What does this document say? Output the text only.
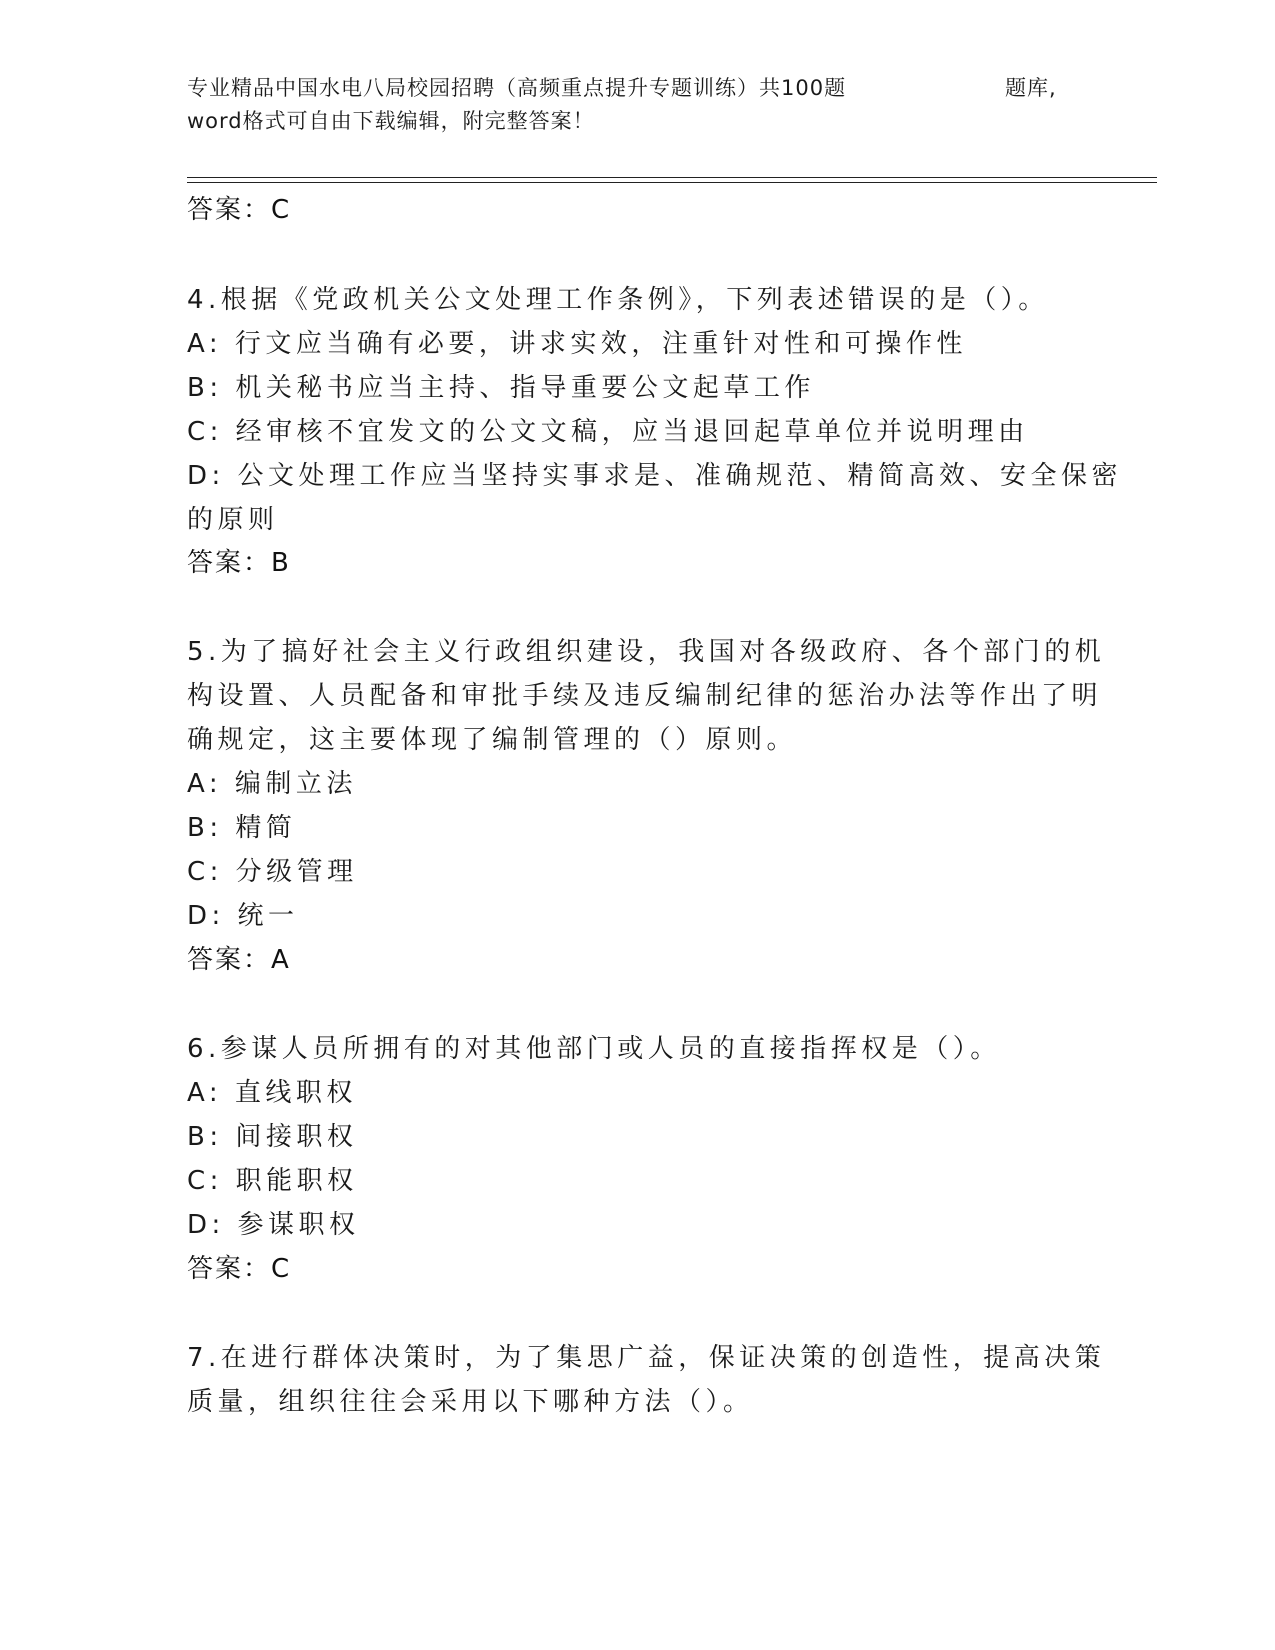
专业精品中国水电八局校园招聘（高频重点提升专题训练）共100题	题库,
word格式可自由下载编辑，附完整答案！
答案：C
4.根据《党政机关公文处理工作条例》，下列表述错误的是（）。
A: 行文应当确有必要，讲求实效，注重针对性和可操作性
B: 机关秘书应当主持、指导重要公文起草工作
C: 经审核不宜发文的公文文稿，应当退回起草单位并说明理由
D: 公文处理工作应当坚持实事求是、准确规范、精简高效、安全保密
的原则
答案：B
5.为了搞好社会主义行政组织建设，我国对各级政府、各个部门的机
构设置、人员配备和审批手续及违反编制纪律的惩治办法等作出了明
确规定，这主要体现了编制管理的（）原则。
A: 编制立法
B: 精简
C: 分级管理
D: 统一
答案：A
6.参谋人员所拥有的对其他部门或人员的直接指挥权是（）。
A: 直线职权
B: 间接职权
C: 职能职权
D: 参谋职权
答案：C
7.在进行群体决策时，为了集思广益，保证决策的创造性，提高决策
质量，组织往往会采用以下哪种方法（）。
